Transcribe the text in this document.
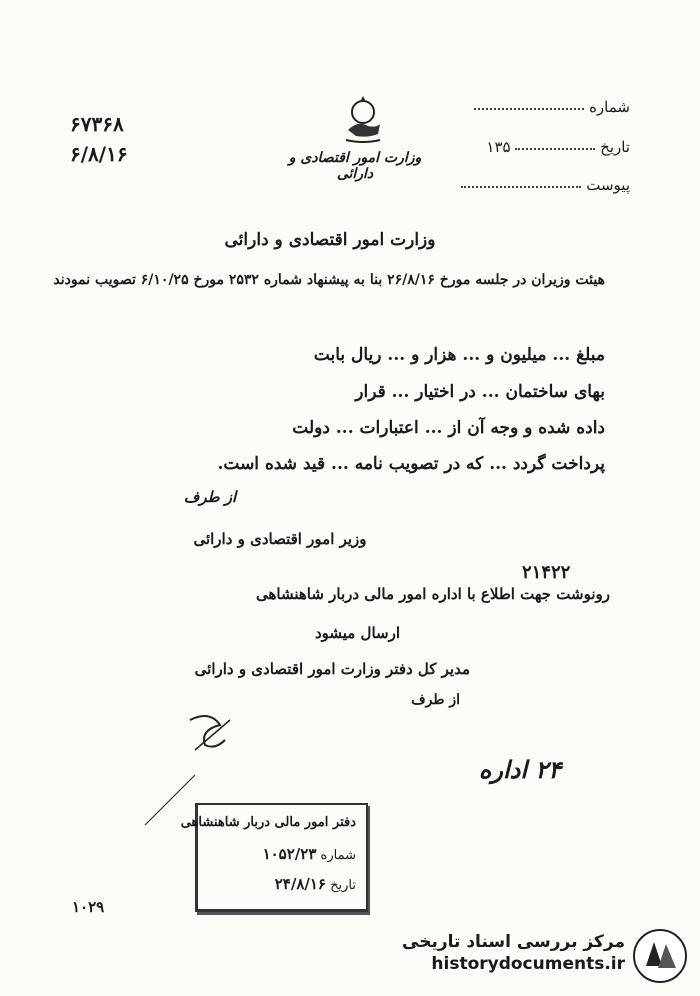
وزارت امور اقتصادی و دارائی
شماره
تاریخ  ۱۳۵
پیوست
۶۷۳۶۸
۶/۸/۱۶
وزارت امور اقتصادی و دارائی
هیئت وزیران در جلسه مورخ ۲۶/۸/۱۶ بنا به پیشنهاد شماره ۲۵۳۲ مورخ ۶/۱۰/۲۵ تصویب نمودند
مبلغ ... میلیون و ... هزار و ... ریال بابت
بهای ساختمان ... در اختیار ... قرار
داده شده و وجه آن از ... اعتبارات ... دولت
پرداخت گردد ... که در تصویب نامه ... قید شده است.
از طرف
وزیر امور اقتصادی و دارائی
۲۱۴۲۲
رونوشت جهت اطلاع با اداره امور مالی دربار شاهنشاهی
ارسال میشود
مدیر کل دفتر وزارت امور اقتصادی و دارائی
از طرف
۲۴ اداره
دفتر امور مالی دربار شاهنشاهی
شماره ۱۰۵۲/۲۳
تاریخ ۲۴/۸/۱۶
۱۰۲۹
مرکز بررسی اسناد تاریخی
historydocuments.ir
